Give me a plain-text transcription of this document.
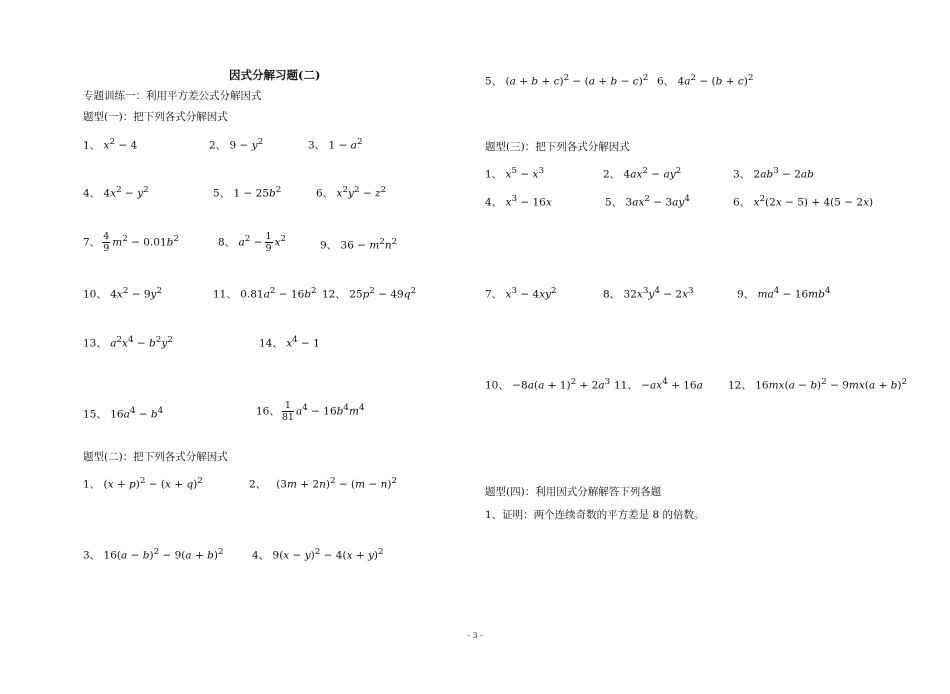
因式分解习题(二)
专题训练一：利用平方差公式分解因式
题型(一)：把下列各式分解因式
1、 $x^2 - 4$	2、 $9 - y^2$	3、 $1 - a^2$
4、 $4x^2 - y^2$	5、 $1 - 25b^2$	6、 $x^2y^2 - z^2$
7、 $\frac{4}{9} m^2 - 0.01b^2$	8、 $a^2 - \frac{1}{9} x^2$
9、 $36 - m^2n^2$
10、 $4x^2 - 9y^2$	11、 $0.81a^2 - 16b^2$ 12、 $25p^2 - 49q^2$
13、 $a^2x^4 - b^2y^2$	14、 $x^4 - 1$
15、 $16a^4 - b^4$	16、 $\frac{1}{81} a^4 - 16b^4m^4$
题型(二)：把下列各式分解因式
1、 $(x + p)^2 - (x + q)^2$	2、   $(3m + 2n)^2 - (m - n)^2$
3、 $16(a - b)^2 - 9(a + b)^2$	4、 $9(x - y)^2 - 4(x + y)^2$
5、 $(a + b + c)^2 - (a + b - c)^2$ 6、 $4a^2 - (b + c)^2$
题型(三)：把下列各式分解因式
1、 $x^5 - x^3$	2、 $4ax^2 - ay^2$	3、 $2ab^3 - 2ab$
4、 $x^3 - 16x$	5、 $3ax^2 - 3ay^4$	6、 $x^2(2x - 5) + 4(5 - 2x)$
7、 $x^3 - 4xy^2$	8、 $32x^3y^4 - 2x^3$	9、 $ma^4 - 16mb^4$
10、 $-8a(a + 1)^2 + 2a^3$ 11、 $-ax^4 + 16a$ 12、 $16mx(a - b)^2 - 9mx(a + b)^2$
题型(四)：利用因式分解解答下列各题
1、证明：两个连续奇数的平方差是 8 的倍数。
- 3 -
